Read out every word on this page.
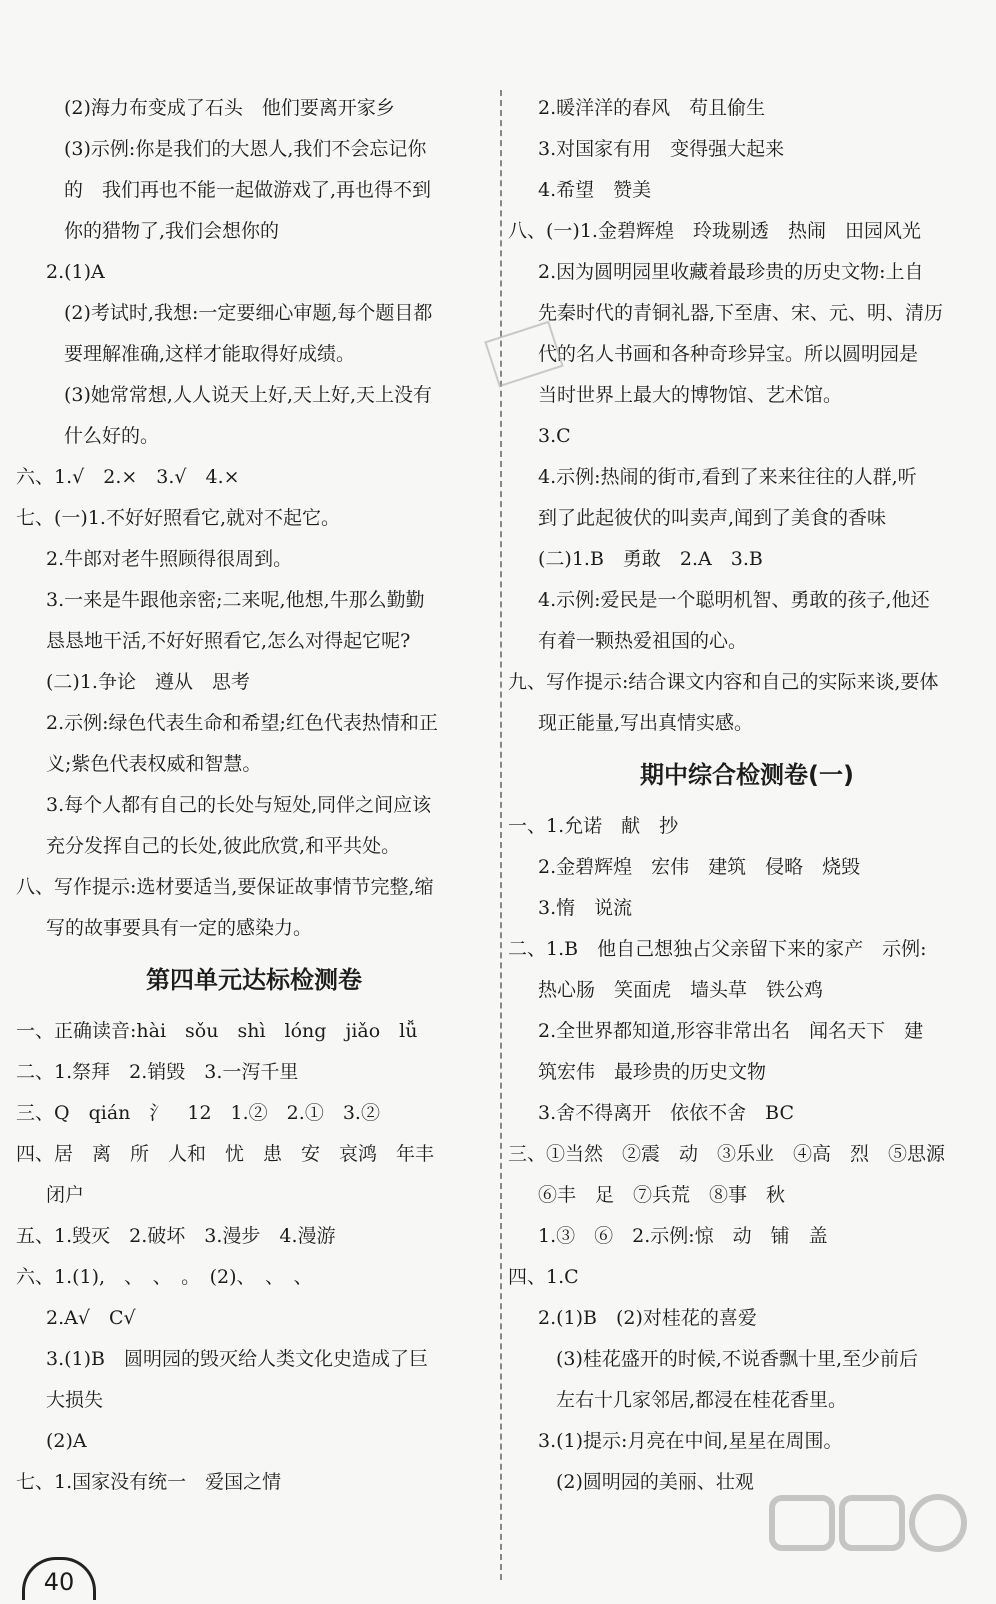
(2)海力布变成了石头　他们要离开家乡
(3)示例:你是我们的大恩人,我们不会忘记你
的　我们再也不能一起做游戏了,再也得不到
你的猎物了,我们会想你的
2.(1)A
(2)考试时,我想:一定要细心审题,每个题目都
要理解准确,这样才能取得好成绩。
(3)她常常想,人人说天上好,天上好,天上没有
什么好的。
六、1.√　2.×　3.√　4.×
七、(一)1.不好好照看它,就对不起它。
2.牛郎对老牛照顾得很周到。
3.一来是牛跟他亲密;二来呢,他想,牛那么勤勤
恳恳地干活,不好好照看它,怎么对得起它呢?
(二)1.争论　遵从　思考
2.示例:绿色代表生命和希望;红色代表热情和正
义;紫色代表权威和智慧。
3.每个人都有自己的长处与短处,同伴之间应该
充分发挥自己的长处,彼此欣赏,和平共处。
八、写作提示:选材要适当,要保证故事情节完整,缩
写的故事要具有一定的感染力。
第四单元达标检测卷
一、正确读音:hài　sǒu　shì　lóng　jiǎo　lǚ
二、1.祭拜　2.销毁　3.一泻千里
三、Q　qián　氵　12　1.②　2.①　3.②
四、居　离　所　人和　忧　患　安　哀鸿　年丰
闭户
五、1.毁灭　2.破坏　3.漫步　4.漫游
六、1.(1),　、　、　。　(2)、　、　、
2.A√　C√
3.(1)B　圆明园的毁灭给人类文化史造成了巨
大损失
(2)A
七、1.国家没有统一　爱国之情
2.暖洋洋的春风　苟且偷生
3.对国家有用　变得强大起来
4.希望　赞美
八、(一)1.金碧辉煌　玲珑剔透　热闹　田园风光
2.因为圆明园里收藏着最珍贵的历史文物:上自
先秦时代的青铜礼器,下至唐、宋、元、明、清历
代的名人书画和各种奇珍异宝。所以圆明园是
当时世界上最大的博物馆、艺术馆。
3.C
4.示例:热闹的街市,看到了来来往往的人群,听
到了此起彼伏的叫卖声,闻到了美食的香味
(二)1.B　勇敢　2.A　3.B
4.示例:爱民是一个聪明机智、勇敢的孩子,他还
有着一颗热爱祖国的心。
九、写作提示:结合课文内容和自己的实际来谈,要体
现正能量,写出真情实感。
期中综合检测卷(一)
一、1.允诺　献　抄
2.金碧辉煌　宏伟　建筑　侵略　烧毁
3.惰　说流
二、1.B　他自己想独占父亲留下来的家产　示例:
热心肠　笑面虎　墙头草　铁公鸡
2.全世界都知道,形容非常出名　闻名天下　建
筑宏伟　最珍贵的历史文物
3.舍不得离开　依依不舍　BC
三、①当然　②震　动　③乐业　④高　烈　⑤思源
⑥丰　足　⑦兵荒　⑧事　秋
1.③　⑥　2.示例:惊　动　铺　盖
四、1.C
2.(1)B　(2)对桂花的喜爱
(3)桂花盛开的时候,不说香飘十里,至少前后
左右十几家邻居,都浸在桂花香里。
3.(1)提示:月亮在中间,星星在周围。
(2)圆明园的美丽、壮观
40
